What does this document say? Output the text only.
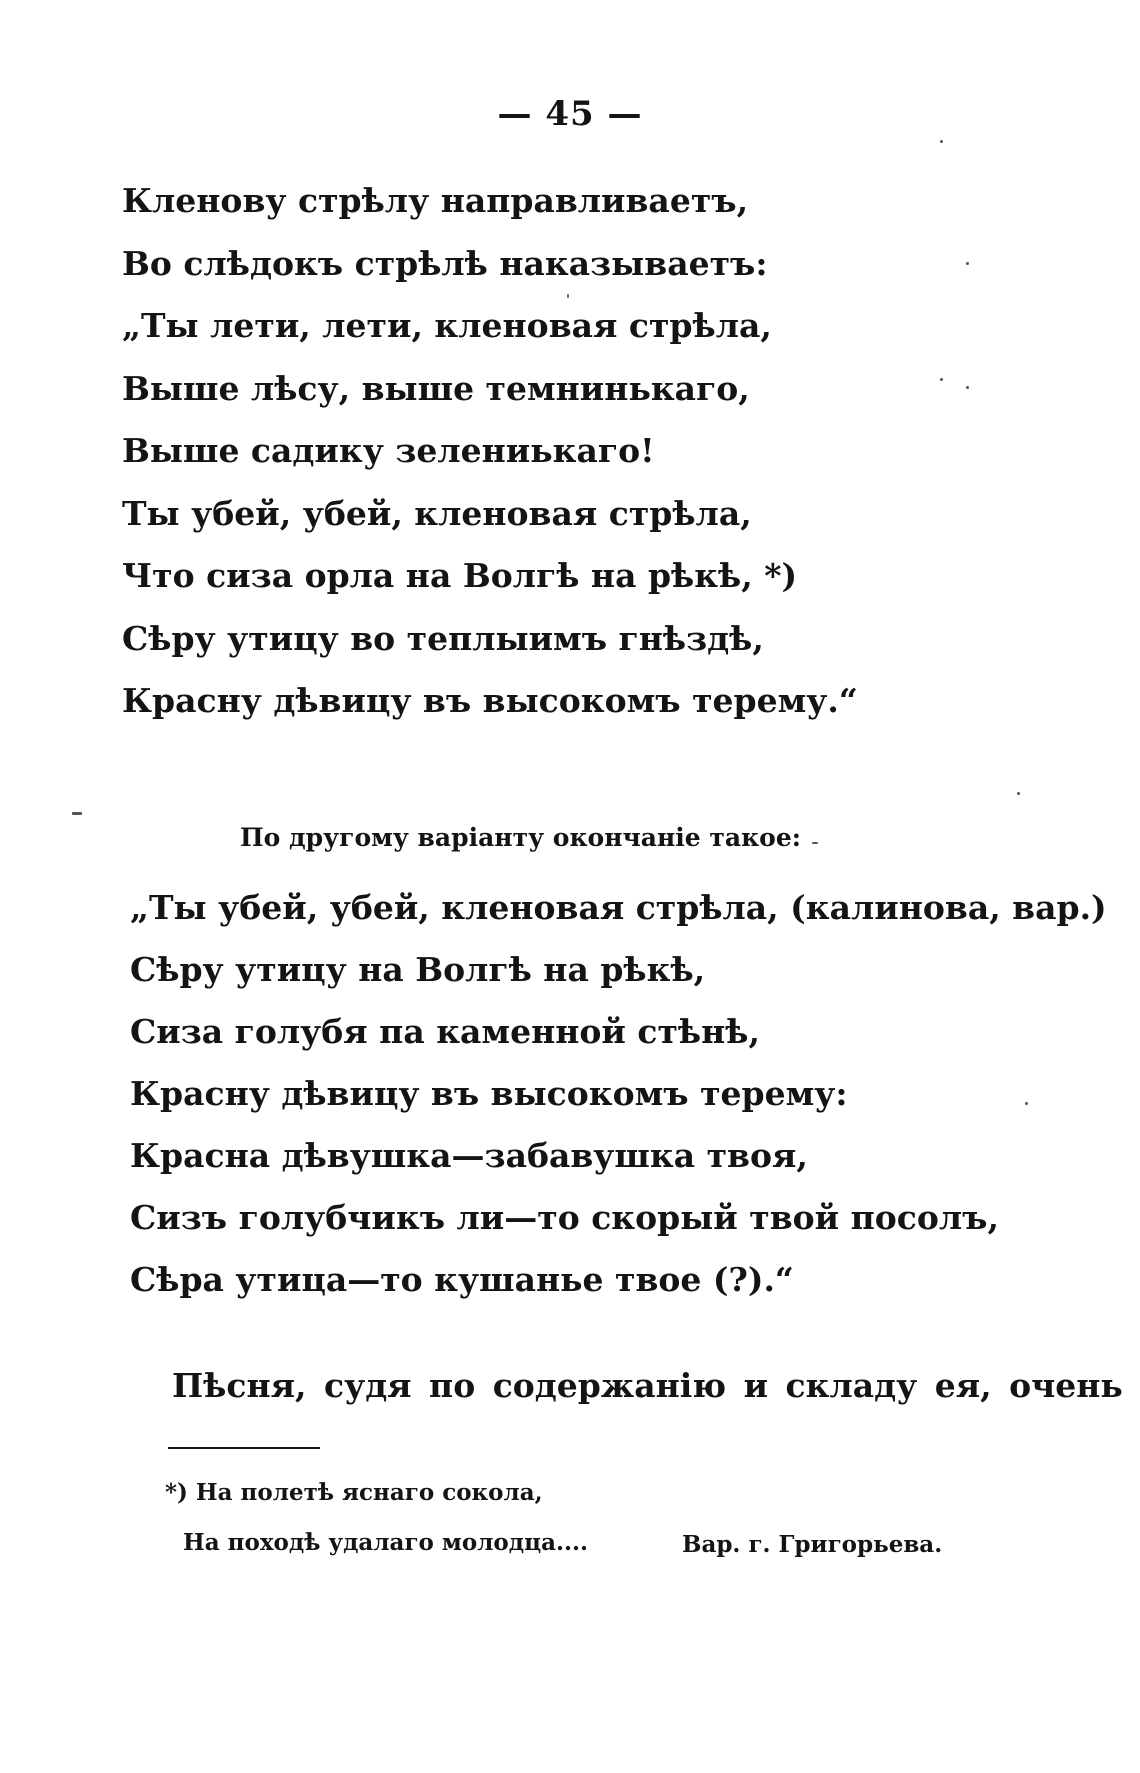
— 45 —
Кленову стрѣлу направливаетъ,
Во слѣдокъ стрѣлѣ наказываетъ:
„Ты лети, лети, кленовая стрѣла,
Выше лѣсу, выше темнинькаго,
Выше садику зелениькаго!
Ты убей, убей, кленовая стрѣла,
Что сиза орла на Волгѣ на рѣкѣ, *)
Сѣру утицу во теплыимъ гнѣздѣ,
Красну дѣвицу въ высокомъ терему.“
По другому варіанту окончаніе такое:
„Ты убей, убей, кленовая стрѣла, (калинова, вар.)
Сѣру утицу на Волгѣ на рѣкѣ,
Сиза голубя па каменной стѣнѣ,
Красну дѣвицу въ высокомъ терему:
Красна дѣвушка—забавушка твоя,
Сизъ голубчикъ ли—то скорый твой посолъ,
Сѣра утица—то кушанье твое (?).“
Пѣсня, судя по содержанію и складу ея, очень
*) На полетѣ яснаго сокола,
На походѣ удалаго молодца....	Вар. г. Григорьева.
